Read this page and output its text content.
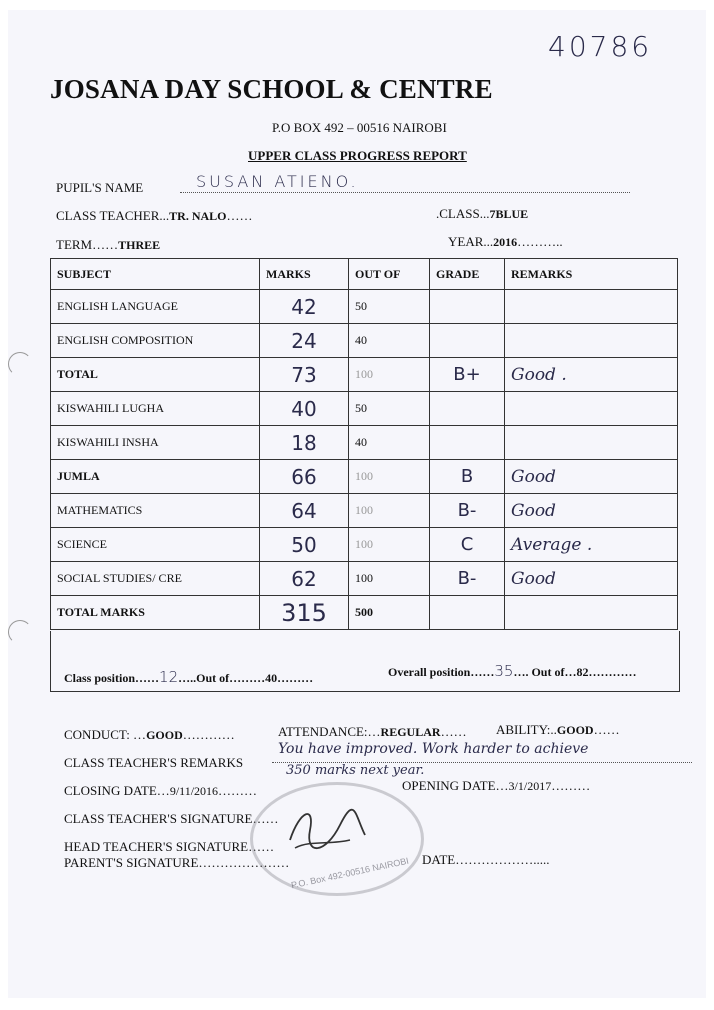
40786
JOSANA DAY SCHOOL & CENTRE
P.O BOX 492 – 00516 NAIROBI
UPPER CLASS PROGRESS REPORT
PUPIL'S NAME	SUSAN ATIENO.
CLASS TEACHER...TR. NALO……	.CLASS...7BLUE
TERM……THREE	YEAR...2016………..
SUBJECT	MARKS	OUT OF	GRADE	REMARKS
ENGLISH LANGUAGE	42	50		
ENGLISH COMPOSITION	24	40		
TOTAL	73	100	B+	Good .
KISWAHILI LUGHA	40	50		
KISWAHILI INSHA	18	40		
JUMLA	66	100	B	Good
MATHEMATICS	64	100	B-	Good
SCIENCE	50	100	C	Average .
SOCIAL STUDIES/ CRE	62	100	B-	Good
TOTAL MARKS	315	500		
Class position……12…..Out of………40………	Overall position……35…. Out of…82…………
CONDUCT: …GOOD…………	ATTENDANCE:…REGULAR…… ABILITY:..GOOD……
CLASS TEACHER'S REMARKS
You have improved. Work harder to achieve
350 marks next year.
CLOSING DATE…9/11/2016………	OPENING DATE…3/1/2017………
CLASS TEACHER'S SIGNATURE……
HEAD TEACHER'S SIGNATURE……
PARENT'S SIGNATURE…………………	DATE……………….....
P.O. Box 492-00516 NAIROBI
